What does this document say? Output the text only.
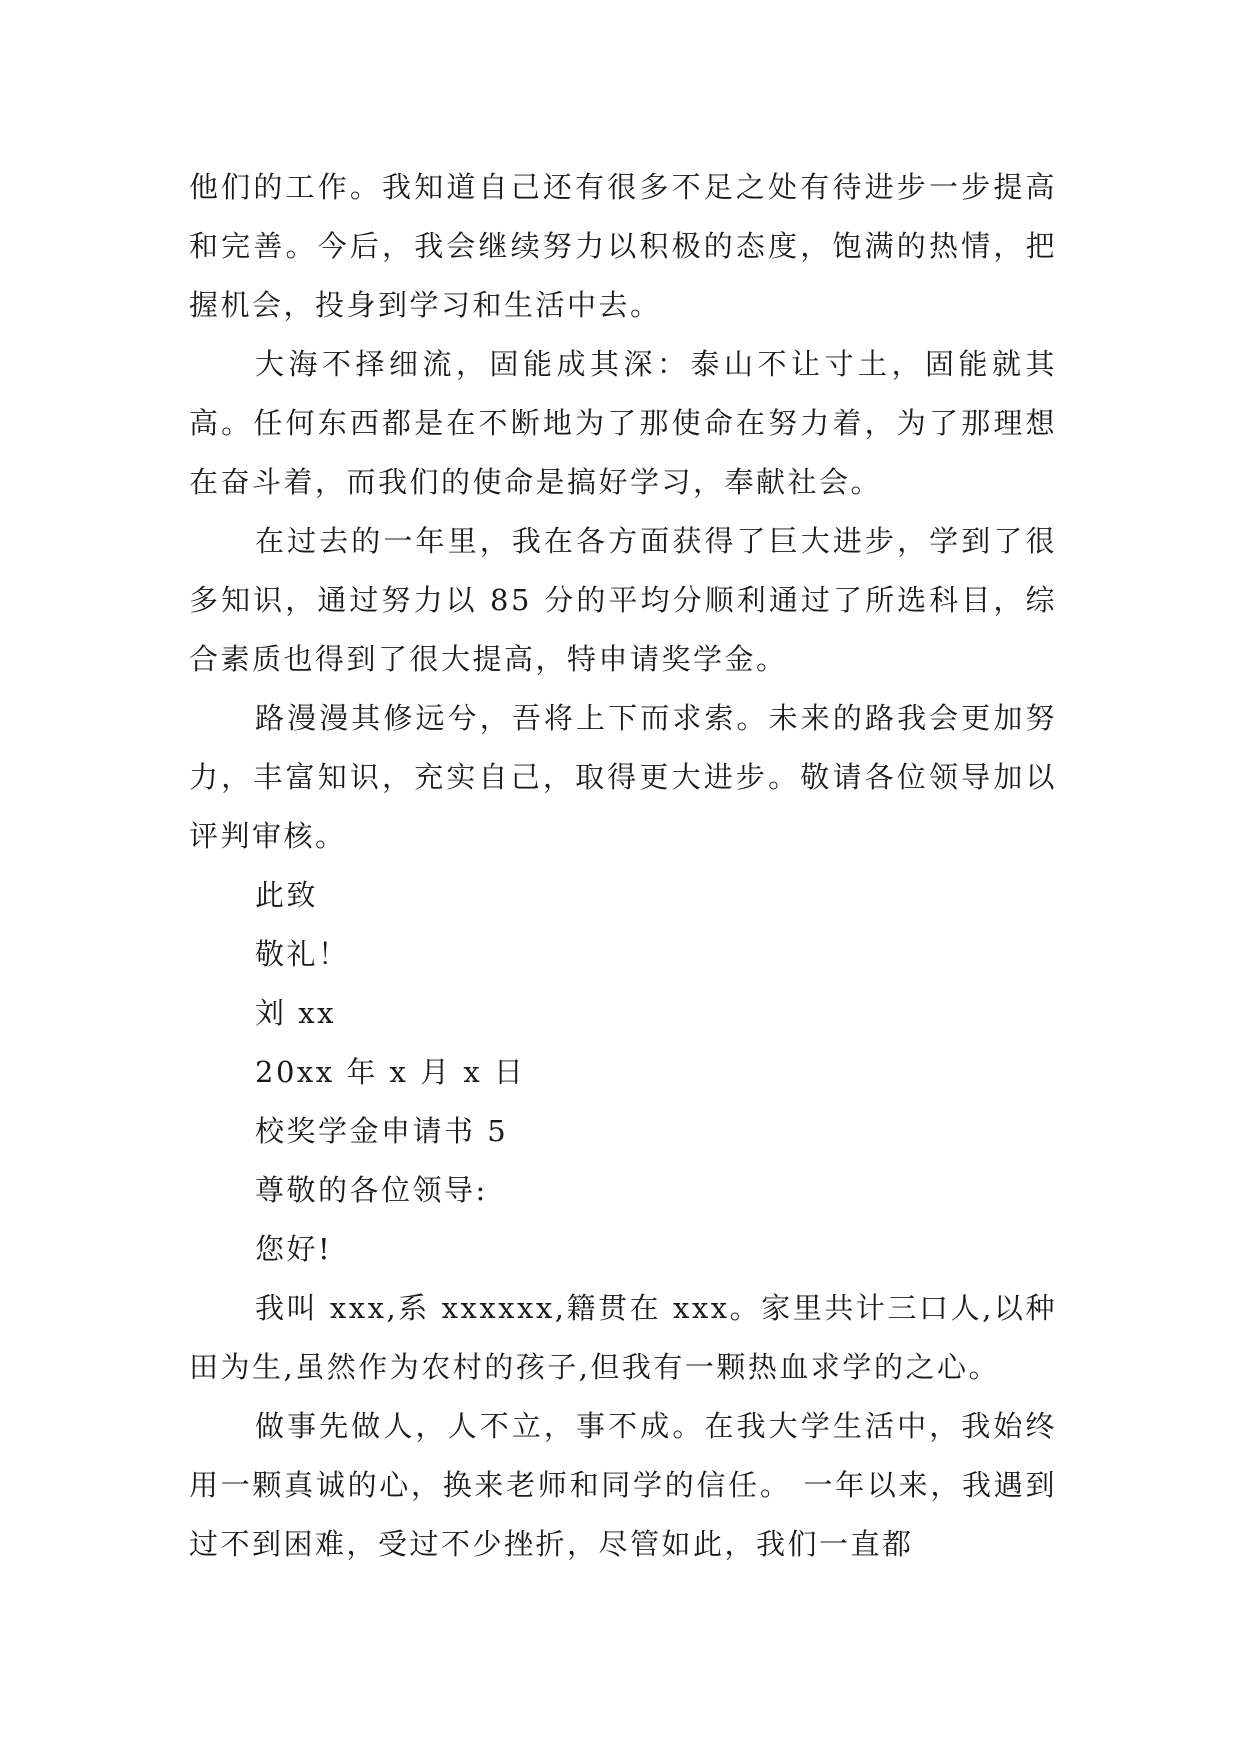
他们的工作。我知道自己还有很多不足之处有待进步一步提高和完善。今后，我会继续努力以积极的态度，饱满的热情，把握机会，投身到学习和生活中去。

大海不择细流，固能成其深：泰山不让寸土，固能就其高。任何东西都是在不断地为了那使命在努力着，为了那理想在奋斗着，而我们的使命是搞好学习，奉献社会。

在过去的一年里，我在各方面获得了巨大进步，学到了很多知识，通过努力以 85 分的平均分顺利通过了所选科目，综合素质也得到了很大提高，特申请奖学金。

路漫漫其修远兮，吾将上下而求索。未来的路我会更加努力，丰富知识，充实自己，取得更大进步。敬请各位领导加以评判审核。

此致

敬礼！

刘 xx

20xx 年 x 月 x 日

校奖学金申请书 5

尊敬的各位领导:

您好!

我叫 xxx,系 xxxxxx,籍贯在 xxx。家里共计三口人,以种田为生,虽然作为农村的孩子,但我有一颗热血求学的之心。

做事先做人，人不立，事不成。在我大学生活中，我始终用一颗真诚的心，换来老师和同学的信任。 一年以来，我遇到过不到困难，受过不少挫折，尽管如此，我们一直都
